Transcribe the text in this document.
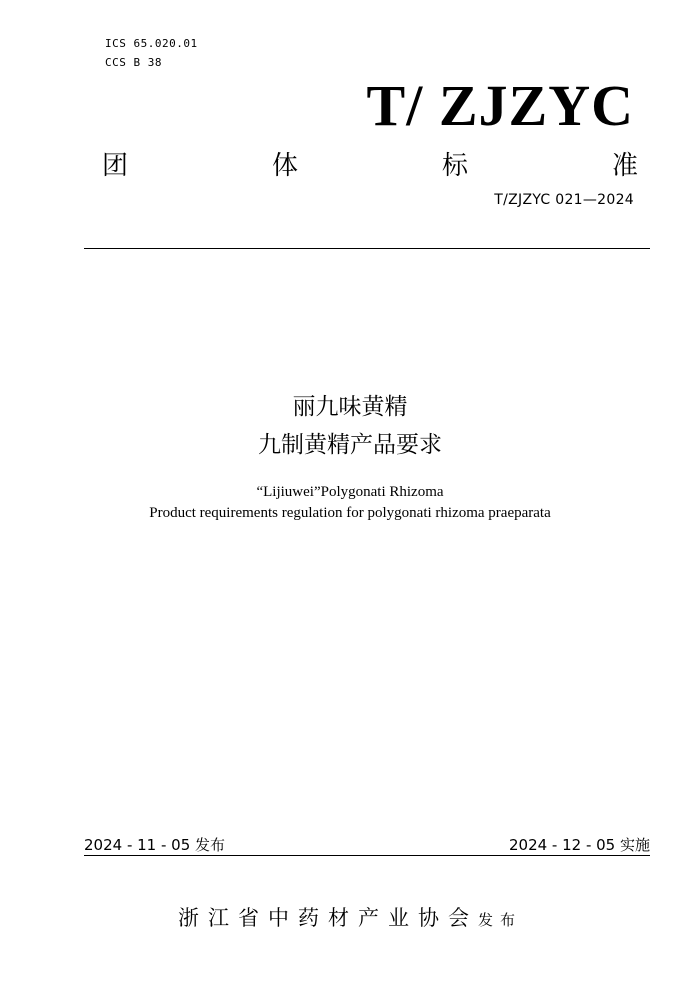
ICS 65.020.01
CCS B 38
T/ ZJZYC
团	体	标	准
T/ZJZYC 021—2024
丽九味黄精
九制黄精产品要求
“Lijiuwei”Polygonati Rhizoma
Product requirements regulation for polygonati rhizoma praeparata
2024 - 11 - 05 发布	2024 - 12 - 05 实施
浙江省中药材产业协会发布
